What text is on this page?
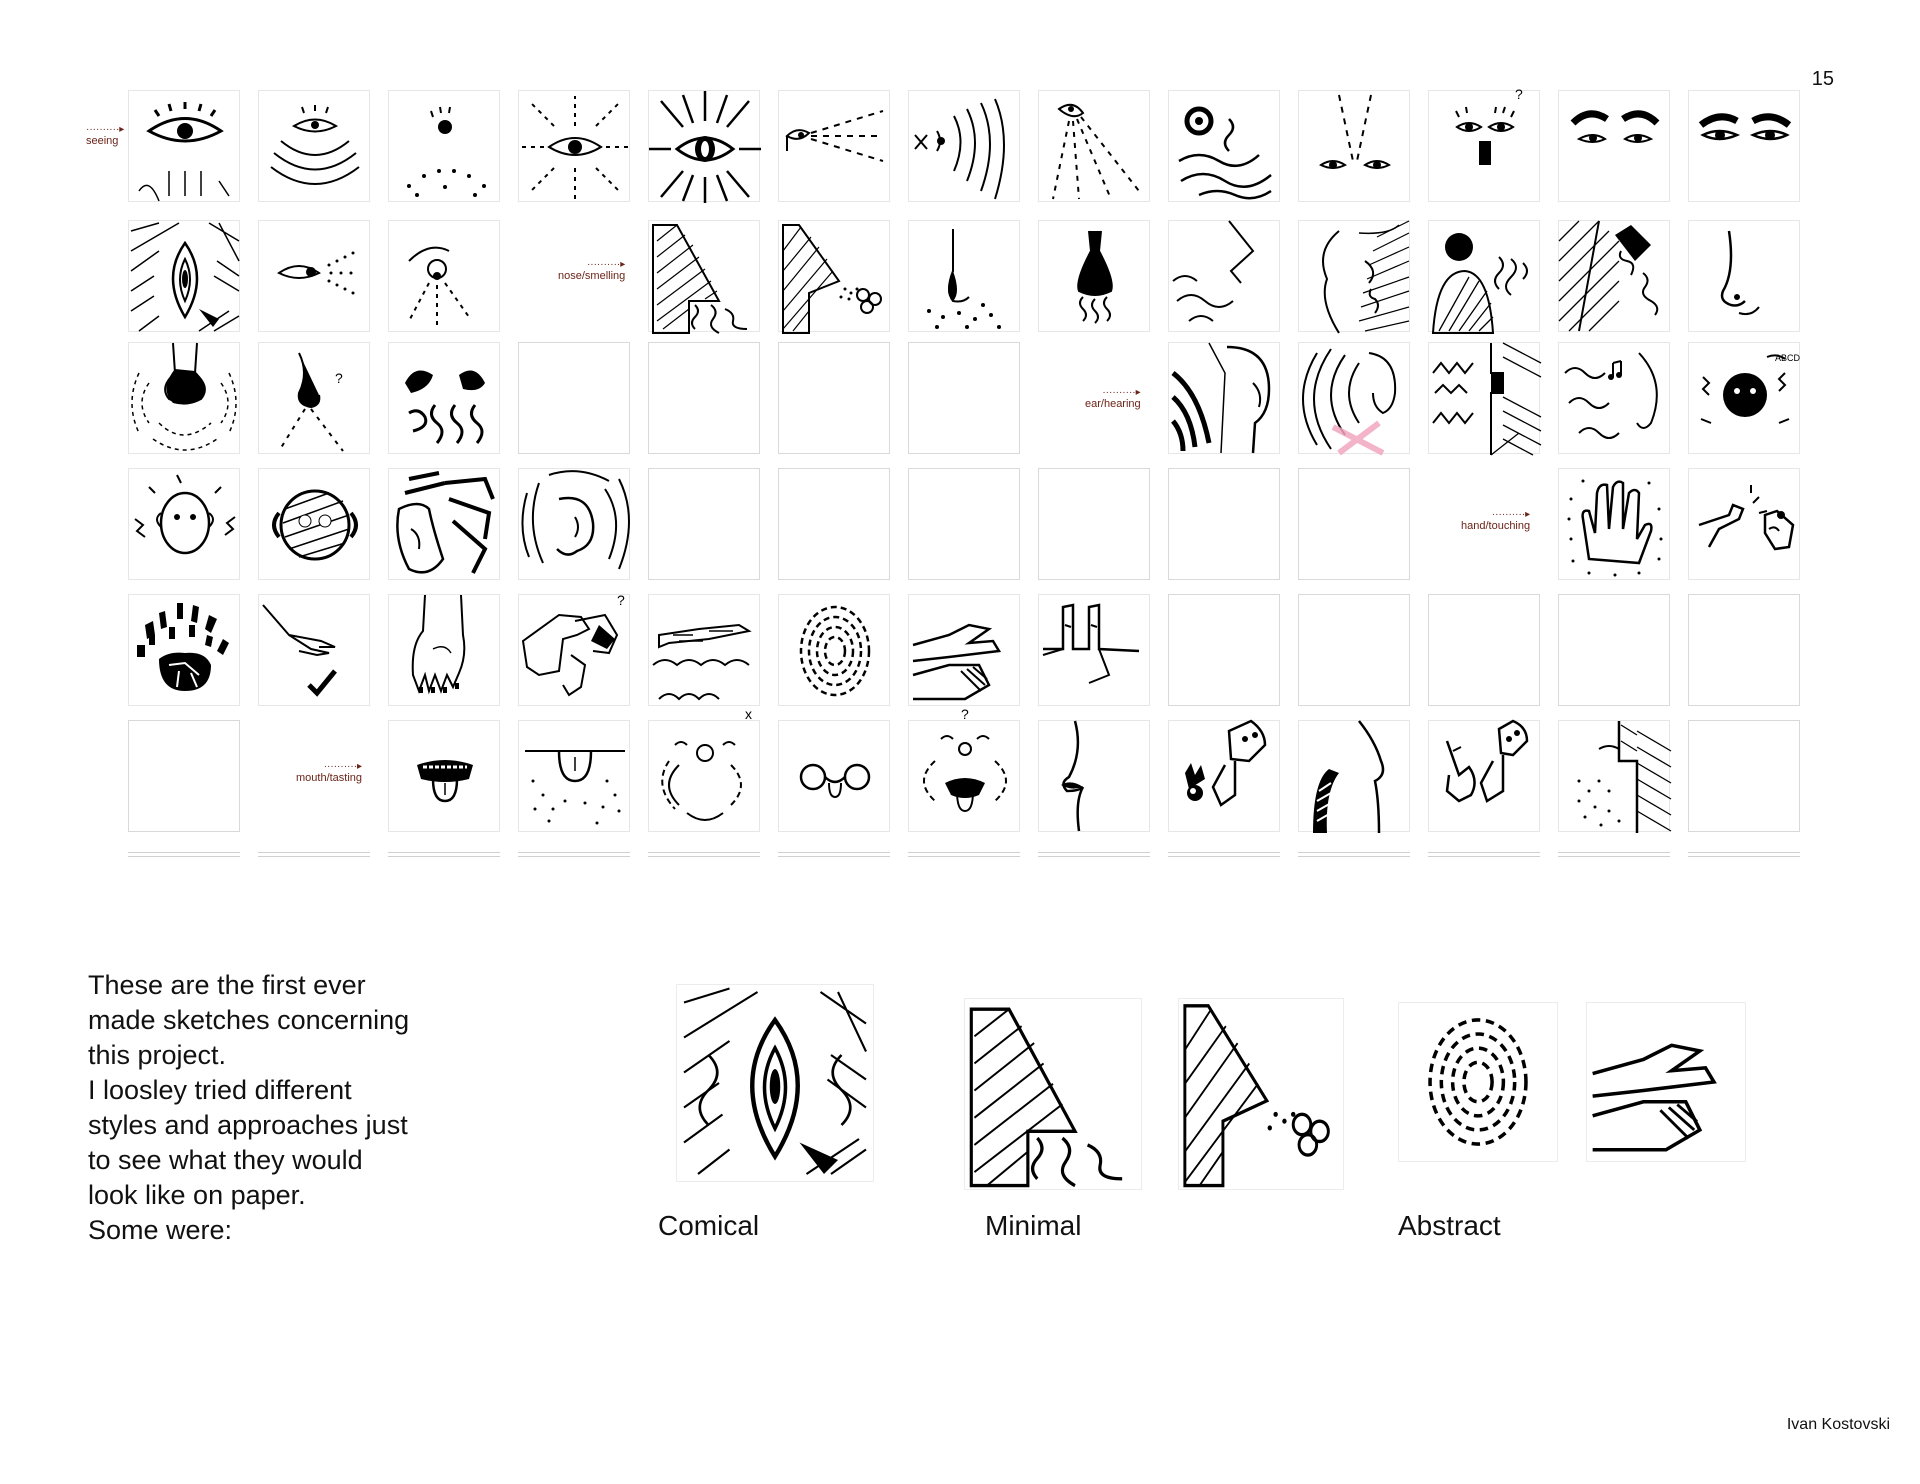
15
··········▸
seeing
··········▸
nose/smelling
··········▸
ear/hearing
··········▸
hand/touching
··········▸
mouth/tasting
?
?
ABCD
?
x	?

These are the first ever

made sketches concerning

this project.

I loosley tried different

styles and approaches just

to see what they would

look like on paper.

Some were:	Comical	Minimal	Abstract
Ivan Kostovski
